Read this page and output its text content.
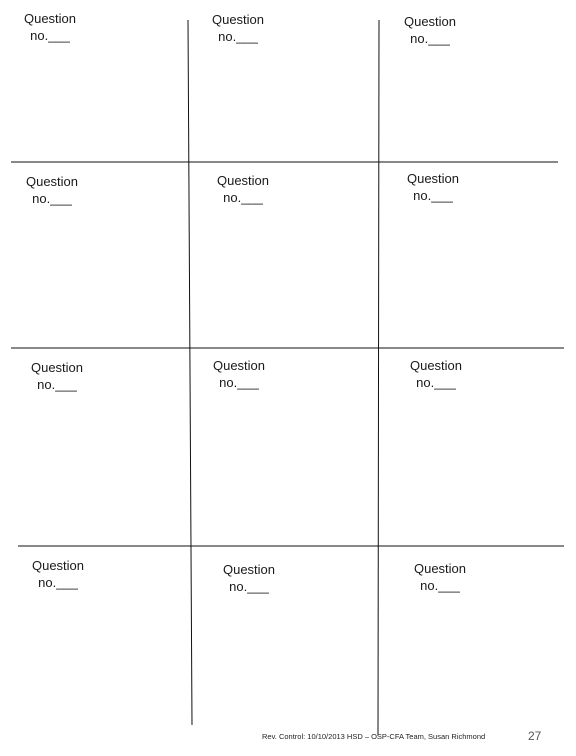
Question
no.___
Question
no.___
Question
no.___
Question
no.___
Question
no.___
Question
no.___
Question
no.___
Question
no.___
Question
no.___
Question
no.___
Question
no.___
Question
no.___
Rev. Control: 10/10/2013 HSD – OSP-CFA Team, Susan Richmond	27
